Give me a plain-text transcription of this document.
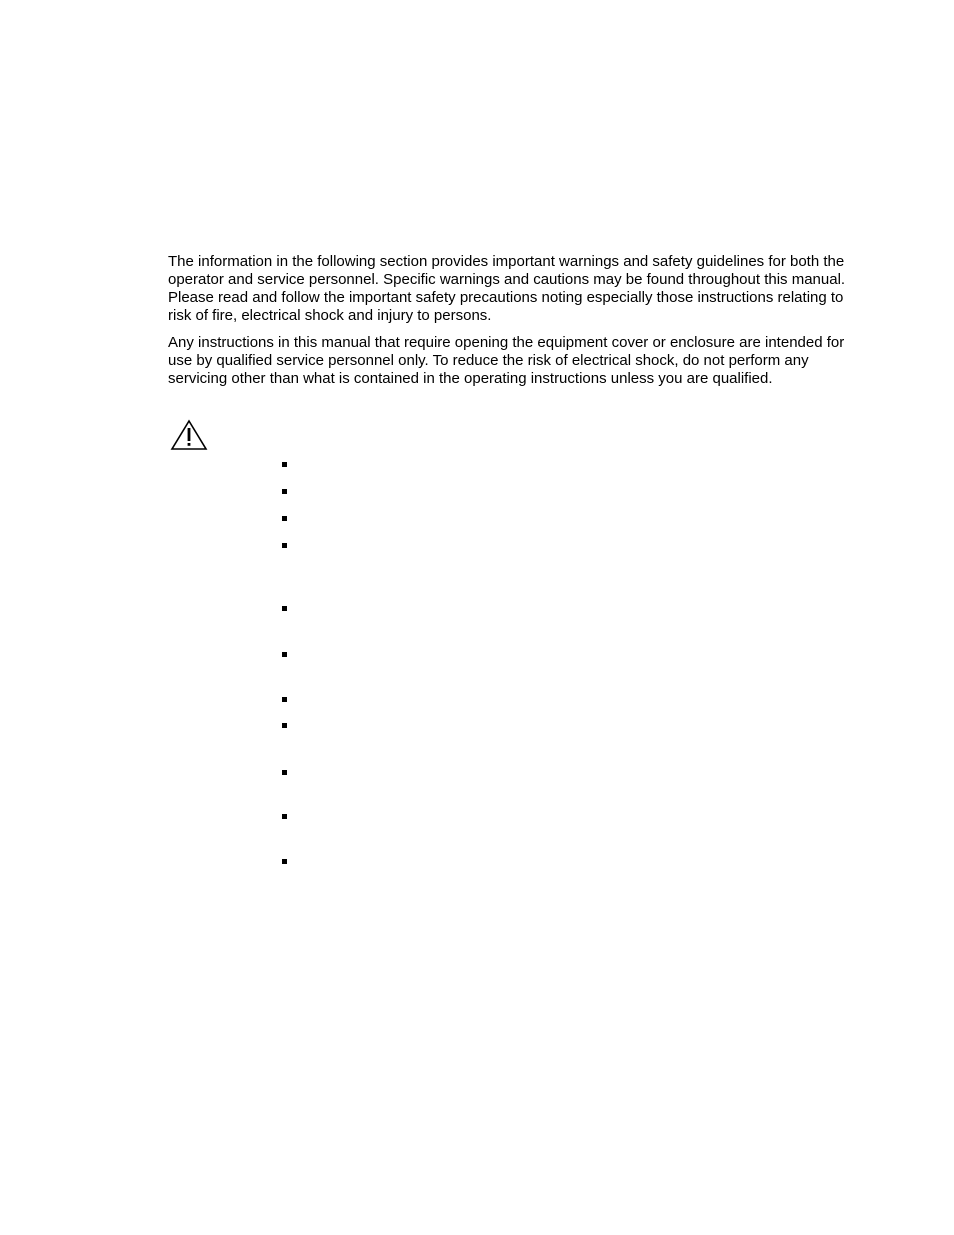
The information in the following section provides important warnings and safety guidelines for both the operator and service personnel. Specific warnings and cautions may be found throughout this manual. Please read and follow the important safety precautions noting especially those instructions relating to risk of fire, electrical shock and injury to persons.

Any instructions in this manual that require opening the equipment cover or enclosure are intended for use by qualified service personnel only. To reduce the risk of electrical shock, do not perform any servicing other than what is contained in the operating instructions unless you are qualified.
